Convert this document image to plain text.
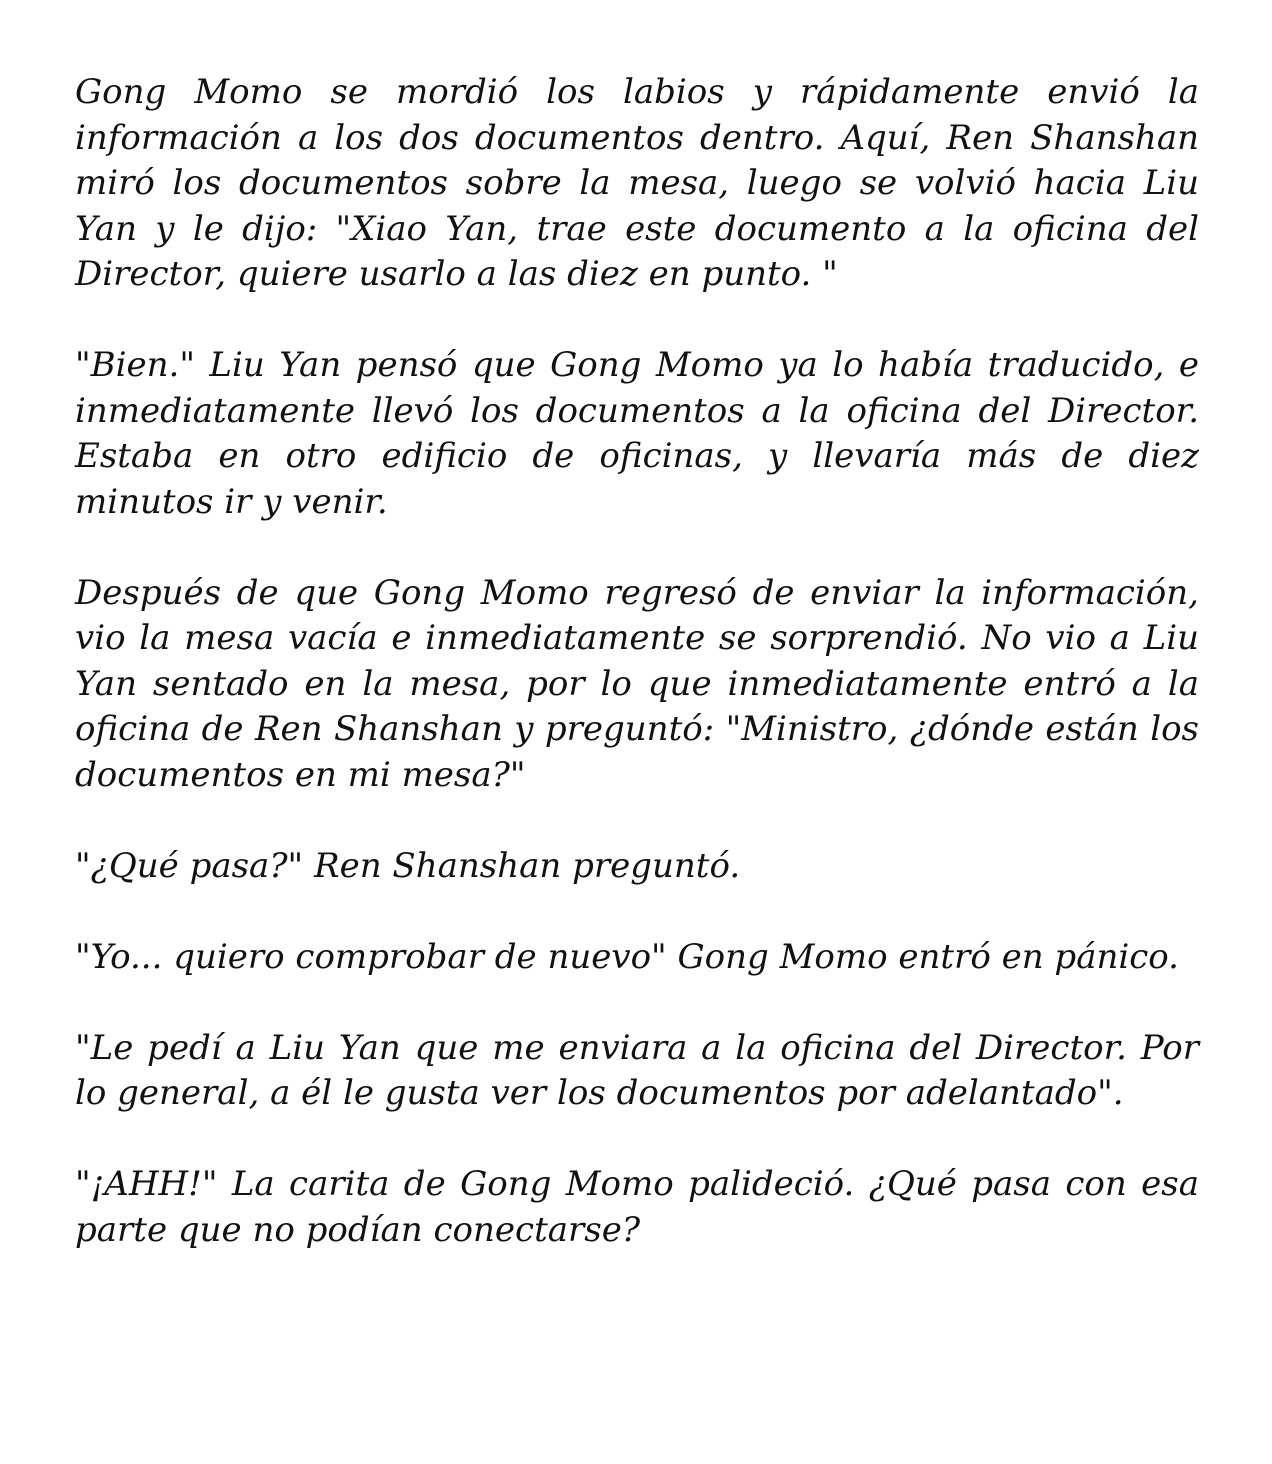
Gong Momo se mordió los labios y rápidamente envió la información a los dos documentos dentro. Aquí, Ren Shanshan miró los documentos sobre la mesa, luego se volvió hacia Liu Yan y le dijo: "Xiao Yan, trae este documento a la oficina del Director, quiere usarlo a las diez en punto. "

"Bien." Liu Yan pensó que Gong Momo ya lo había traducido, e inmediatamente llevó los documentos a la oficina del Director. Estaba en otro edificio de oficinas, y llevaría más de diez minutos ir y venir.

Después de que Gong Momo regresó de enviar la información, vio la mesa vacía e inmediatamente se sorprendió. No vio a Liu Yan sentado en la mesa, por lo que inmediatamente entró a la oficina de Ren Shanshan y preguntó: "Ministro, ¿dónde están los documentos en mi mesa?"

"¿Qué pasa?" Ren Shanshan preguntó.

"Yo... quiero comprobar de nuevo" Gong Momo entró en pánico.

"Le pedí a Liu Yan que me enviara a la oficina del Director. Por lo general, a él le gusta ver los documentos por adelantado".

"¡AHH!" La carita de Gong Momo palideció. ¿Qué pasa con esa parte que no podían conectarse?
